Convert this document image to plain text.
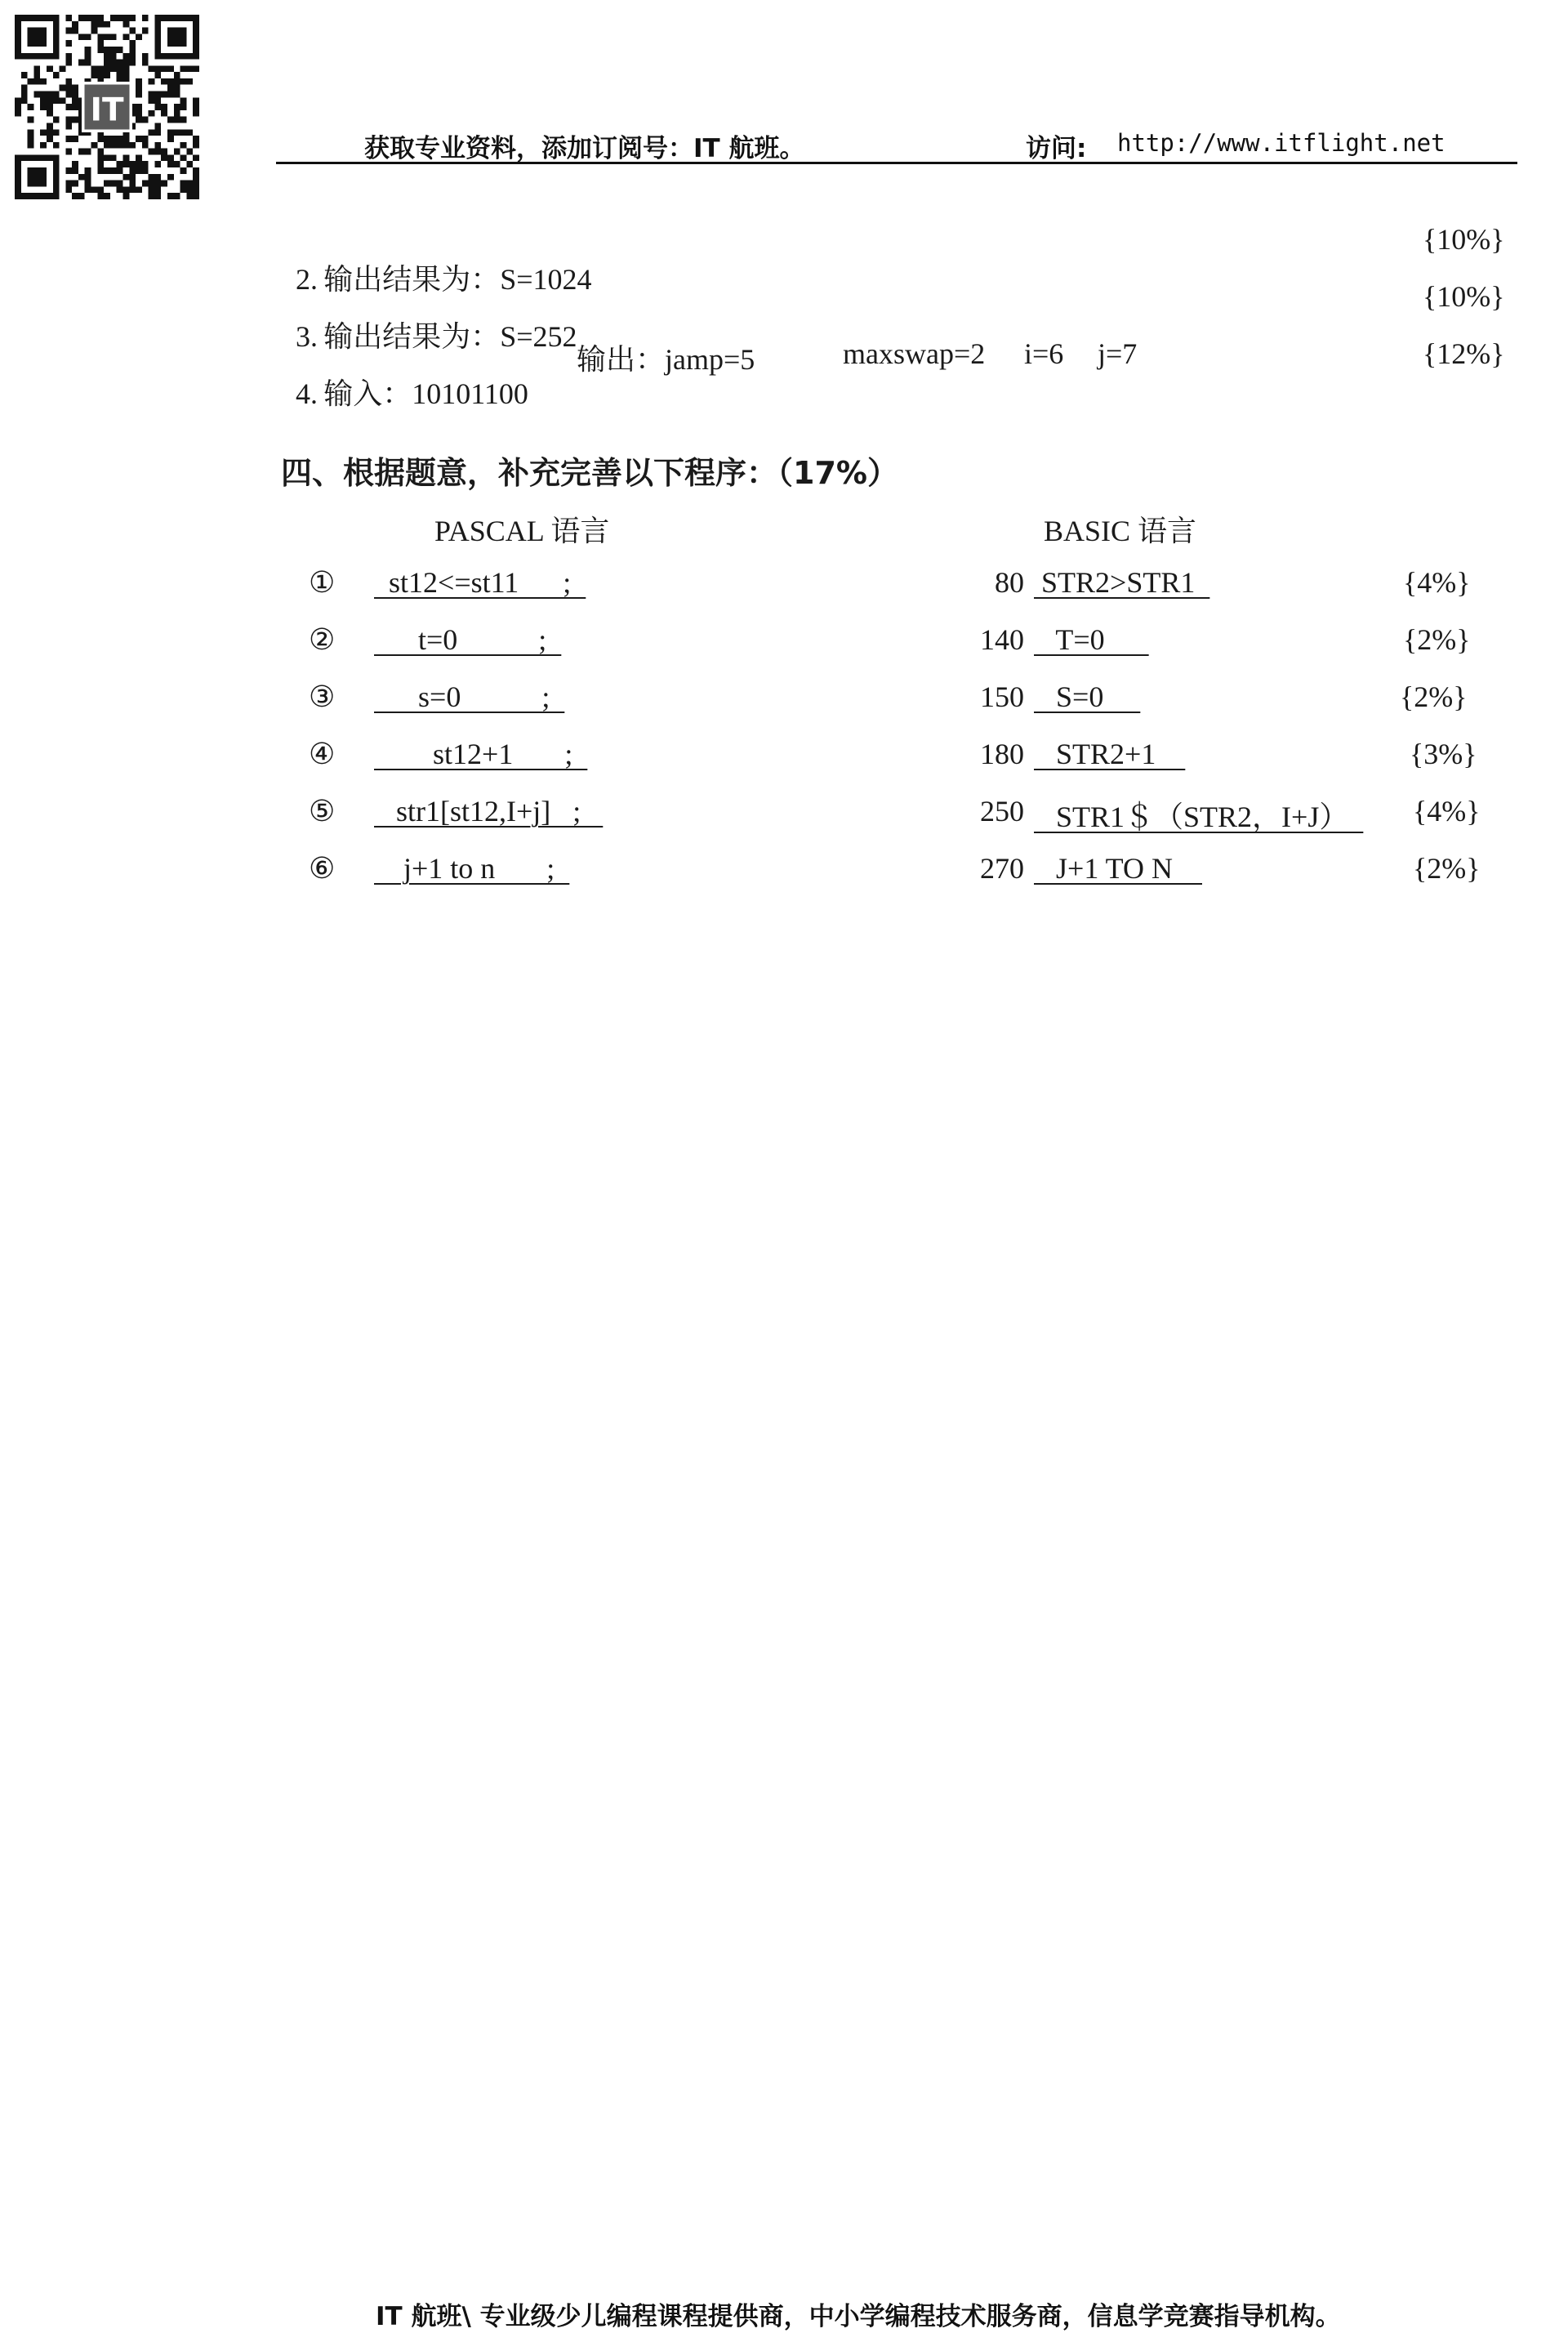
IT
获取专业资料，添加订阅号：IT 航班。	访问: http://www.itflight.net

2.  输出结果为：S=1024

{10%}

3.  输出结果为：S=252

{10%}

4.  输入：10101100

输出：jamp=5	maxswap=2 i=6 j=7	{12%}
四、根据题意，补充完善以下程序：（17%）
PASCAL 语言	BASIC 语言
① st12<=st11      ;	80 STR2>STR1	{4%}
② t=0           ;	140 T=0	{2%}
③ s=0           ;	150 S=0	{2%}
④ st12+1       ;	180 STR2+1	{3%}
⑤ str1[st12,I+j]   ;	250 STR1＄（STR2，I+J） {4%}
⑥ j+1 to n       ;	270 J+1 TO N	{2%}
IT 航班\ 专业级少儿编程课程提供商，中小学编程技术服务商，信息学竞赛指导机构。
